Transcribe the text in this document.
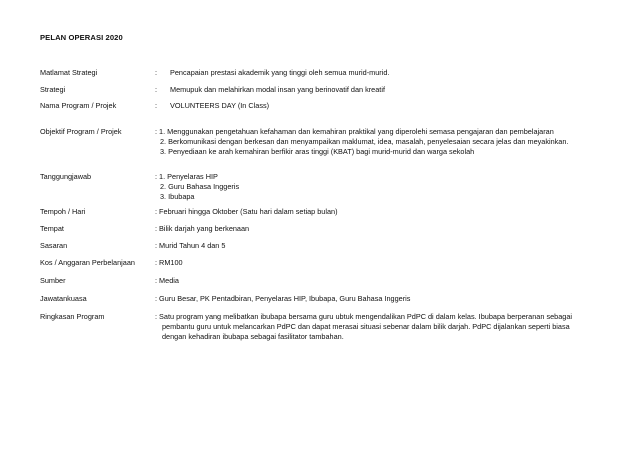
PELAN OPERASI 2020
Matlamat Strategi	: Pencapaian prestasi akademik yang tinggi oleh semua murid-murid.
Strategi	: Memupuk dan melahirkan modal insan yang berinovatif dan kreatif
Nama Program / Projek	: VOLUNTEERS DAY (In Class)
Objektif Program / Projek	: 1. Menggunakan pengetahuan kefahaman dan kemahiran praktikal yang diperolehi semasa pengajaran dan pembelajaran
2. Berkomunikasi dengan berkesan dan menyampaikan maklumat, idea, masalah, penyelesaian secara jelas dan meyakinkan.
3. Penyediaan ke arah kemahiran berfikir aras tinggi (KBAT) bagi murid-murid dan warga sekolah
Tanggungjawab	: 1. Penyelaras HIP
2. Guru Bahasa Inggeris
3. Ibubapa
Tempoh / Hari	: Februari hingga Oktober (Satu hari dalam setiap bulan)
Tempat	: Bilik darjah yang berkenaan
Sasaran	: Murid Tahun 4 dan 5
Kos / Anggaran Perbelanjaan	: RM100
Sumber	: Media
Jawatankuasa	: Guru Besar, PK Pentadbiran, Penyelaras HIP, Ibubapa, Guru Bahasa Inggeris
Ringkasan Program	: Satu program yang melibatkan ibubapa bersama guru ubtuk mengendalikan PdPC di dalam kelas. Ibubapa berperanan sebagai
pembantu guru untuk melancarkan PdPC dan dapat merasai situasi sebenar dalam bilik darjah. PdPC dijalankan seperti biasa
dengan kehadiran ibubapa sebagai fasilitator tambahan.
